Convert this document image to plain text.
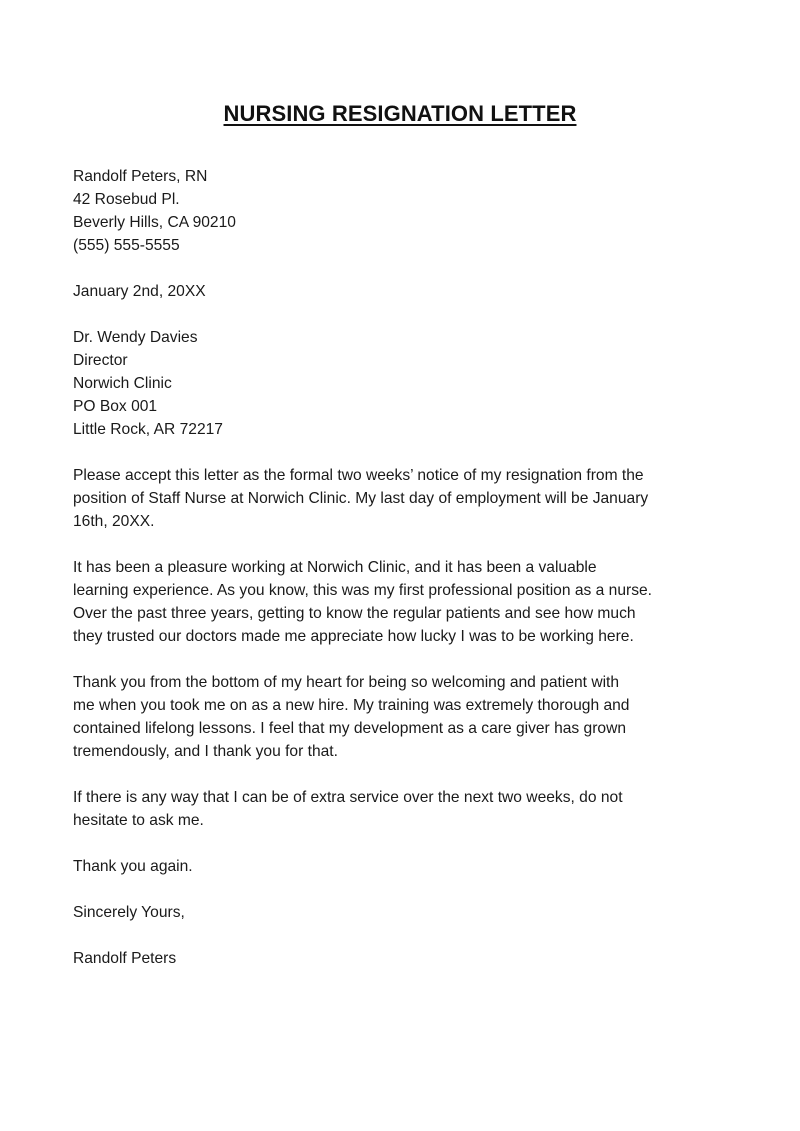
NURSING RESIGNATION LETTER
Randolf Peters, RN
42 Rosebud Pl.
Beverly Hills, CA 90210
(555) 555-5555
January 2nd, 20XX
Dr. Wendy Davies
Director
Norwich Clinic
PO Box 001
Little Rock, AR 72217
Please accept this letter as the formal two weeks’ notice of my resignation from the
position of Staff Nurse at Norwich Clinic. My last day of employment will be January
16th, 20XX.
It has been a pleasure working at Norwich Clinic, and it has been a valuable
learning experience. As you know, this was my first professional position as a nurse.
Over the past three years, getting to know the regular patients and see how much
they trusted our doctors made me appreciate how lucky I was to be working here.
Thank you from the bottom of my heart for being so welcoming and patient with
me when you took me on as a new hire. My training was extremely thorough and
contained lifelong lessons. I feel that my development as a care giver has grown
tremendously, and I thank you for that.
If there is any way that I can be of extra service over the next two weeks, do not
hesitate to ask me.
Thank you again.
Sincerely Yours,
Randolf Peters
